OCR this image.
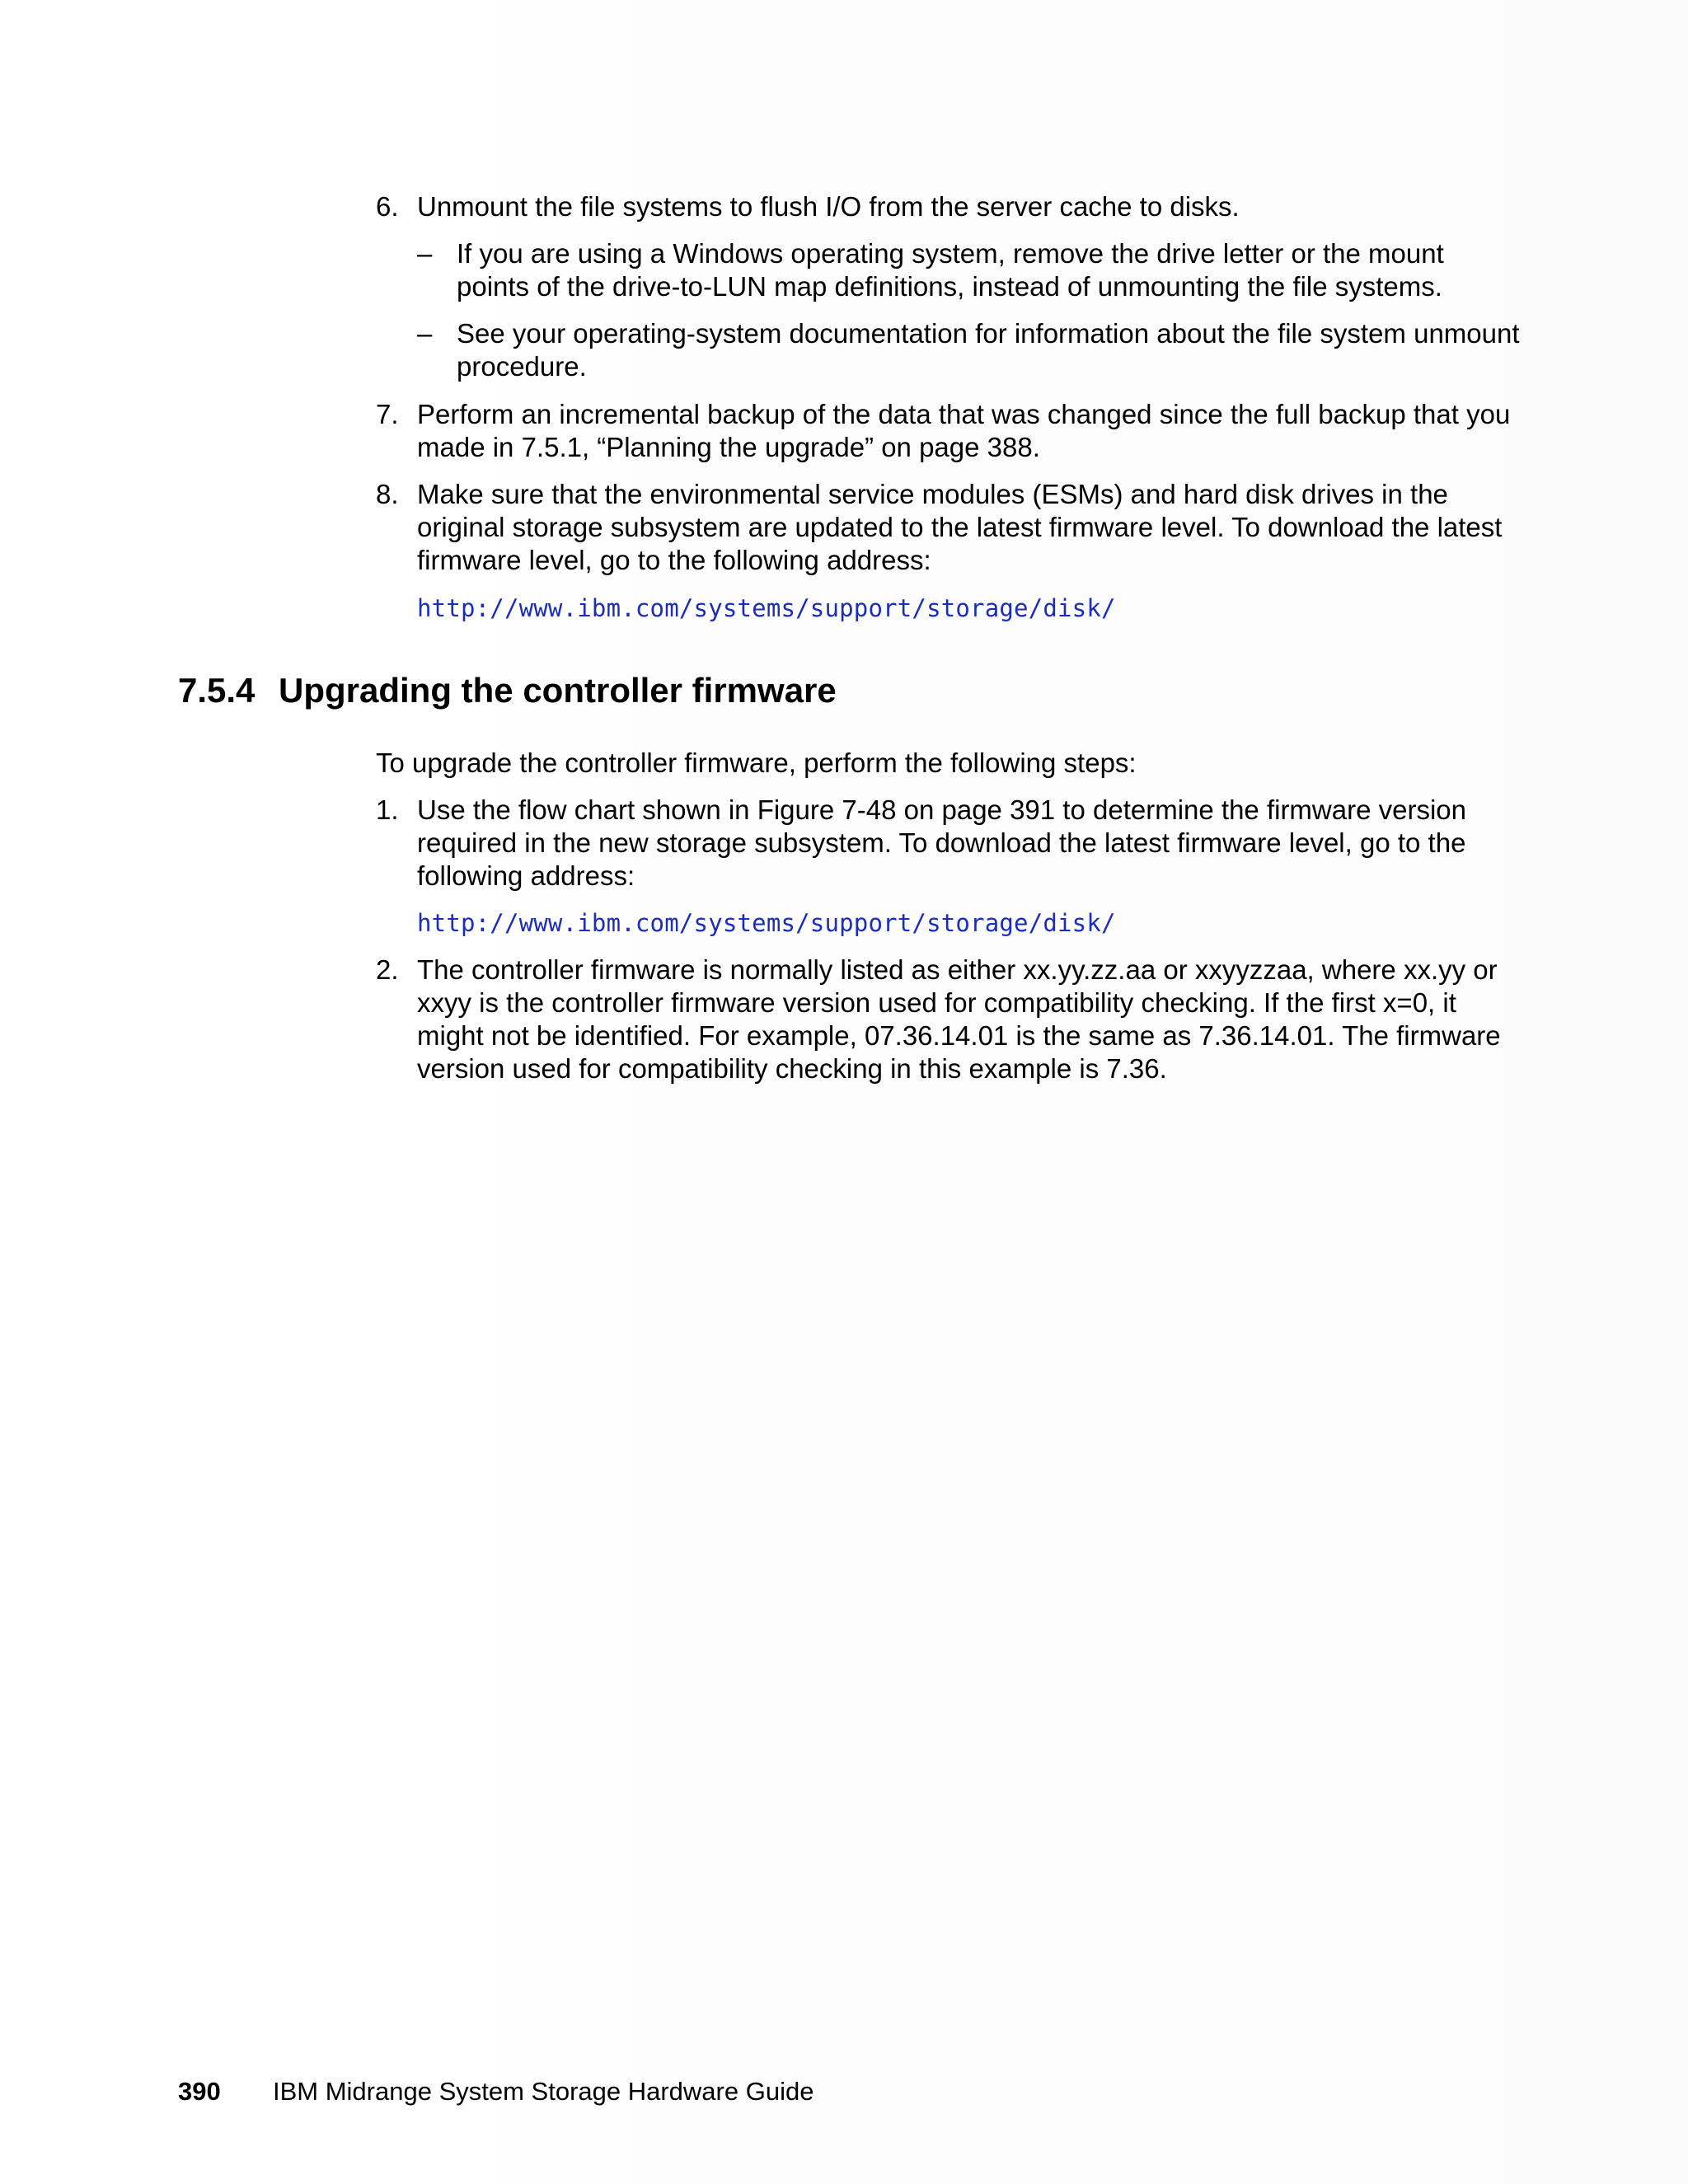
6. Unmount the file systems to flush I/O from the server cache to disks.
– If you are using a Windows operating system, remove the drive letter or the mount points of the drive-to-LUN map definitions, instead of unmounting the file systems.
– See your operating-system documentation for information about the file system unmount procedure.
7. Perform an incremental backup of the data that was changed since the full backup that you made in 7.5.1, “Planning the upgrade” on page 388.
8. Make sure that the environmental service modules (ESMs) and hard disk drives in the original storage subsystem are updated to the latest firmware level. To download the latest firmware level, go to the following address:
http://www.ibm.com/systems/support/storage/disk/
7.5.4 Upgrading the controller firmware
To upgrade the controller firmware, perform the following steps:
1. Use the flow chart shown in Figure 7-48 on page 391 to determine the firmware version required in the new storage subsystem. To download the latest firmware level, go to the following address:
http://www.ibm.com/systems/support/storage/disk/
2. The controller firmware is normally listed as either xx.yy.zz.aa or xxyyzzaa, where xx.yy or xxyy is the controller firmware version used for compatibility checking. If the first x=0, it might not be identified. For example, 07.36.14.01 is the same as 7.36.14.01. The firmware version used for compatibility checking in this example is 7.36.
390 IBM Midrange System Storage Hardware Guide
